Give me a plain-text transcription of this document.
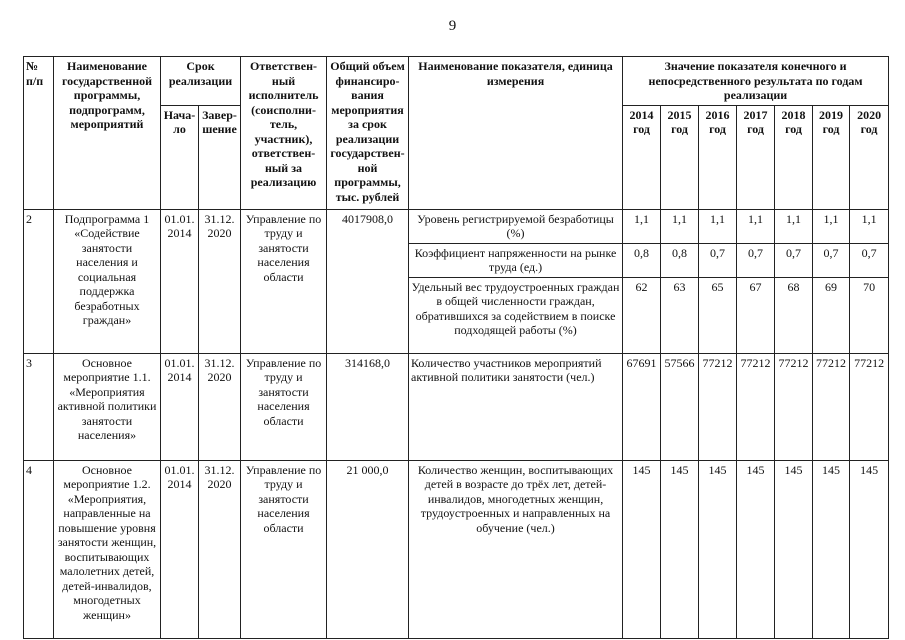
9
№ п/п	Наименование государственной программы, подпрограмм, мероприятий	Срок реализации		Ответствен-ный исполнитель (соисполни-тель, участник), ответствен-ный за реализацию	Общий объем финансиро-вания мероприятия за срок реализации государствен-ной программы, тыс. рублей	Наименование показателя, единица измерения	Значение показателя конечного и непосредственного результата по годам реализации						
		Нача-ло	Завер-шение				2014 год	2015 год	2016 год	2017 год	2018 год	2019 год	2020 год
2	Подпрограмма 1 «Содействие занятости населения и социальная поддержка безработных граждан»	01.01. 2014	31.12. 2020	Управление по труду и занятости населения области	4017908,0	Уровень регистрируемой безработицы (%)	1,1	1,1	1,1	1,1	1,1	1,1	1,1
						Коэффициент напряженности на рынке труда (ед.)	0,8	0,8	0,7	0,7	0,7	0,7	0,7
						Удельный вес трудоустроенных граждан в общей численности граждан, обратившихся за содействием в поиске подходящей работы (%)	62	63	65	67	68	69	70
3	Основное мероприятие 1.1. «Мероприятия активной политики занятости населения»	01.01. 2014	31.12. 2020	Управление по труду и занятости населения области	314168,0	Количество участников мероприятий активной политики занятости (чел.)	67691	57566	77212	77212	77212	77212	77212
4	Основное мероприятие 1.2. «Мероприятия, направленные на повышение уровня занятости женщин, воспитывающих малолетних детей, детей-инвалидов, многодетных женщин»	01.01. 2014	31.12. 2020	Управление по труду и занятости населения области	21 000,0	Количество женщин, воспитывающих детей в возрасте до трёх лет, детей-инвалидов, многодетных женщин, трудоустроенных и направленных на обучение (чел.)	145	145	145	145	145	145	145
